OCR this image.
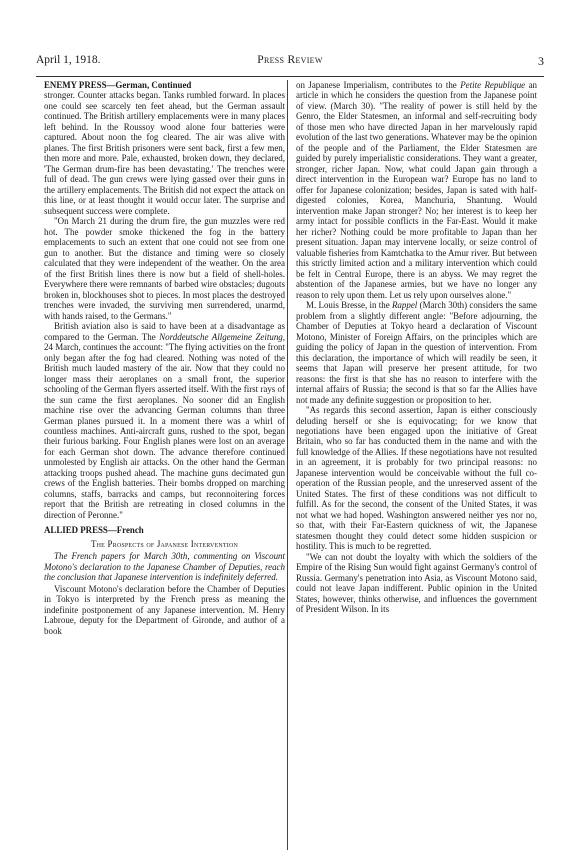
April 1, 1918.	Press Review	3

ENEMY PRESS—German, Continued

stronger. Counter attacks began. Tanks rumbled forward. In places one could see scarcely ten feet ahead, but the German assault continued. The British artillery emplacements were in many places left behind. In the Roussoy wood alone four batteries were captured. About noon the fog cleared. The air was alive with planes. The first British prisoners were sent back, first a few men, then more and more. Pale, exhausted, broken down, they declared, 'The German drum-fire has been devastating.' The trenches were full of dead. The gun crews were lying gassed over their guns in the artillery emplacements. The British did not expect the attack on this line, or at least thought it would occur later. The surprise and subsequent success were complete.

"On March 21 during the drum fire, the gun muzzles were red hot. The powder smoke thickened the fog in the battery emplacements to such an extent that one could not see from one gun to another. But the distance and timing were so closely calculated that they were independent of the weather. On the area of the first British lines there is now but a field of shell-holes. Everywhere there were remnants of barbed wire obstacles; dugouts broken in, blockhouses shot to pieces. In most places the destroyed trenches were invaded, the surviving men surrendered, unarmd, with hands raised, to the Germans."

British aviation also is said to have been at a disadvantage as compared to the German. The Norddeutsche Allgemeine Zeitung, 24 March, continues the account: "The flying activities on the front only began after the fog had cleared. Nothing was noted of the British much lauded mastery of the air. Now that they could no longer mass their aeroplanes on a small front, the superior schooling of the German flyers asserted itself. With the first rays of the sun came the first aeroplanes. No sooner did an English machine rise over the advancing German columns than three German planes pursued it. In a moment there was a whirl of countless machines. Anti-aircraft guns, rushed to the spot, began their furious barking. Four English planes were lost on an average for each German shot down. The advance therefore continued unmolested by English air attacks. On the other hand the German attacking troops pushed ahead. The machine guns decimated gun crews of the English batteries. Their bombs dropped on marching columns, staffs, barracks and camps, but reconnoitering forces report that the British are retreating in closed columns in the direction of Peronne."

ALLIED PRESS—French

The Prospects of Japanese Intervention

The French papers for March 30th, commenting on Viscount Motono's declaration to the Japanese Chamber of Deputies, reach the conclusion that Japanese intervention is indefinitely deferred.

Viscount Motono's declaration before the Chamber of Deputies in Tokyo is interpreted by the French press as meaning the indefinite postponement of any Japanese intervention. M. Henry Labroue, deputy for the Department of Gironde, and author of a book

on Japanese Imperialism, contributes to the Petite Republique an article in which he considers the question from the Japanese point of view. (March 30). "The reality of power is still held by the Genro, the Elder Statesmen, an informal and self-recruiting body of those men who have directed Japan in her marvelously rapid evolution of the last two generations. Whatever may be the opinion of the people and of the Parliament, the Elder Statesmen are guided by purely imperialistic considerations. They want a greater, stronger, richer Japan. Now, what could Japan gain through a direct intervention in the European war? Europe has no land to offer for Japanese colonization; besides, Japan is sated with half-digested colonies, Korea, Manchuria, Shantung. Would intervention make Japan stronger? No; her interest is to keep her army intact for possible conflicts in the Far-East. Would it make her richer? Nothing could be more profitable to Japan than her present situation. Japan may intervene locally, or seize control of valuable fisheries from Kamtchatka to the Amur river. But between this strictly limited action and a military intervention which could be felt in Central Europe, there is an abyss. We may regret the abstention of the Japanese armies, but we have no longer any reason to rely upon them. Let us rely upon ourselves alone."

M. Louis Bresse, in the Rappel (March 30th) considers the same problem from a slightly different angle: "Before adjourning, the Chamber of Deputies at Tokyo heard a declaration of Viscount Motono, Minister of Foreign Affairs, on the principles which are guiding the policy of Japan in the question of intervention. From this declaration, the importance of which will readily be seen, it seems that Japan will preserve her present attitude, for two reasons: the first is that she has no reason to interfere with the internal affairs of Russia; the second is that so far the Allies have not made any definite suggestion or proposition to her.

"As regards this second assertion, Japan is either consciously deluding herself or she is equivocating; for we know that negotiations have been engaged upon the initiative of Great Britain, who so far has conducted them in the name and with the full knowledge of the Allies. If these negotiations have not resulted in an agreement, it is probably for two principal reasons: no Japanese intervention would be conceivable without the full co-operation of the Russian people, and the unreserved assent of the United States. The first of these conditions was not difficult to fulfill. As for the second, the consent of the United States, it was not what we had hoped. Washington answered neither yes nor no, so that, with their Far-Eastern quickness of wit, the Japanese statesmen thought they could detect some hidden suspicion or hostility. This is much to be regretted.

"We can not doubt the loyalty with which the soldiers of the Empire of the Rising Sun would fight against Germany's control of Russia. Germany's penetration into Asia, as Viscount Motono said, could not leave Japan indifferent. Public opinion in the United States, however, thinks otherwise, and influences the government of President Wilson. In its
